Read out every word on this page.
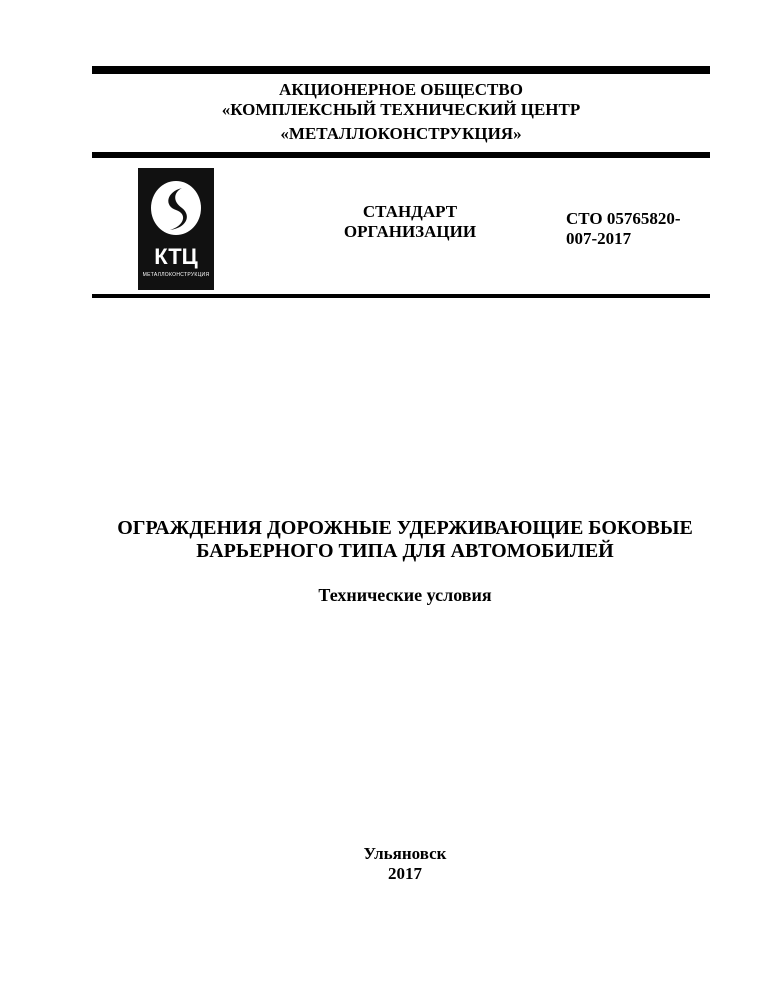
АКЦИОНЕРНОЕ ОБЩЕСТВО
«КОМПЛЕКСНЫЙ ТЕХНИЧЕСКИЙ ЦЕНТР
«МЕТАЛЛОКОНСТРУКЦИЯ»
КТЦ
МЕТАЛЛОКОНСТРУКЦИЯ
СТАНДАРТ
ОРГАНИЗАЦИИ
СТО 05765820-
007-2017
ОГРАЖДЕНИЯ ДОРОЖНЫЕ УДЕРЖИВАЮЩИЕ БОКОВЫЕ
БАРЬЕРНОГО ТИПА ДЛЯ АВТОМОБИЛЕЙ
Технические условия
Ульяновск
2017
